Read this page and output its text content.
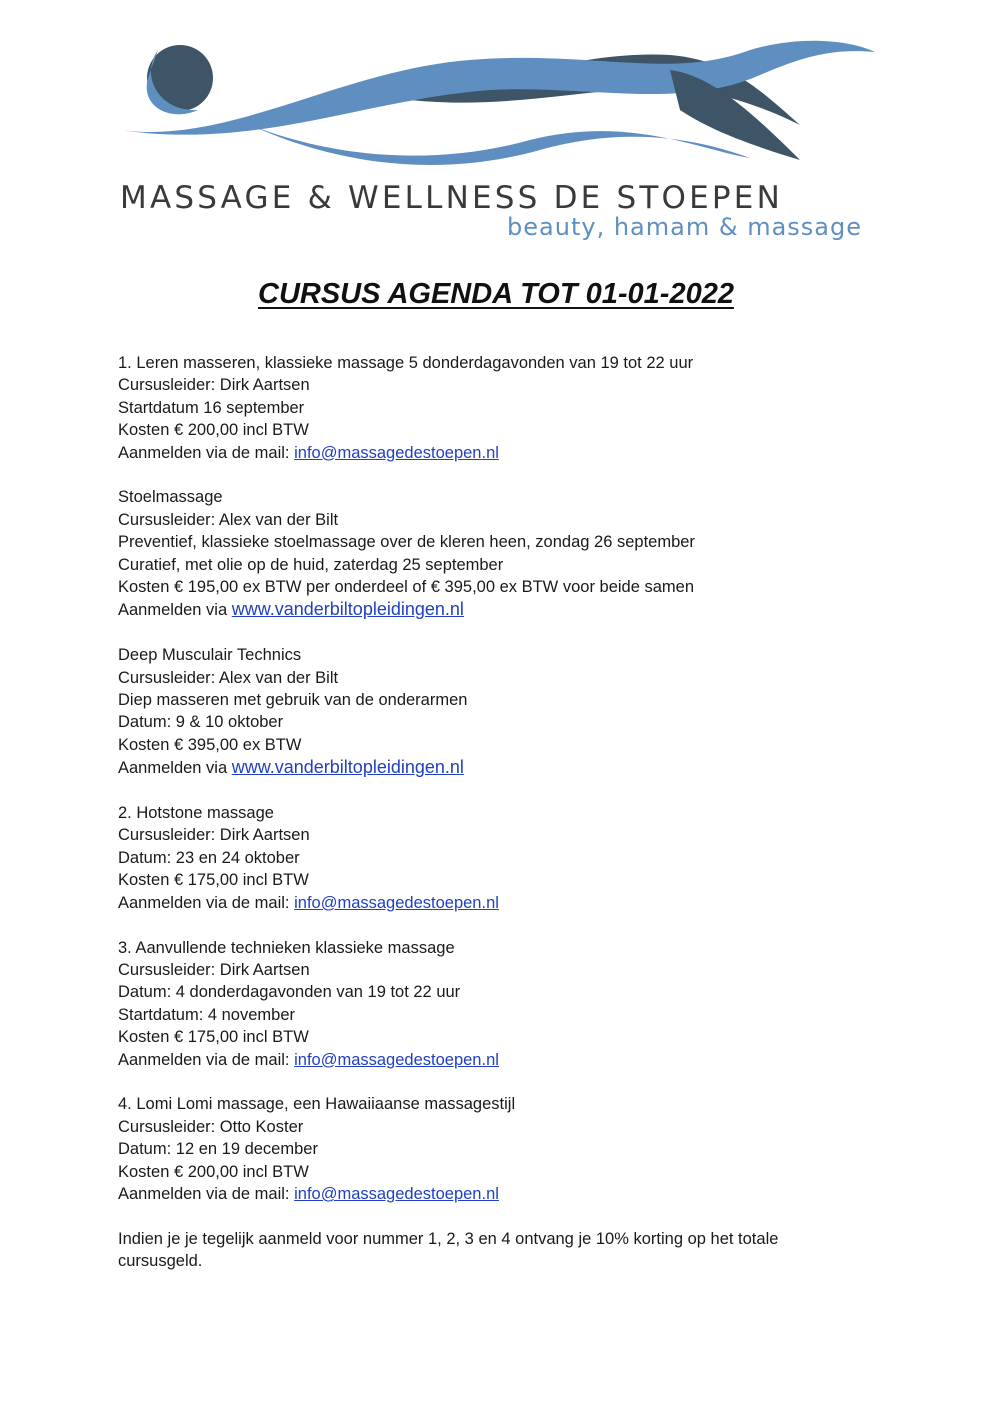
MASSAGE & WELLNESS DE STOEPEN
beauty, hamam & massage
CURSUS AGENDA TOT 01-01-2022
1. Leren masseren, klassieke massage 5 donderdagavonden van 19 tot 22 uur
Cursusleider: Dirk Aartsen
Startdatum 16 september
Kosten € 200,00 incl BTW
Aanmelden via de mail: info@massagedestoepen.nl
Stoelmassage
Cursusleider: Alex van der Bilt
Preventief, klassieke stoelmassage over de kleren heen, zondag 26 september
Curatief, met olie op de huid, zaterdag 25 september
Kosten € 195,00 ex BTW per onderdeel of € 395,00 ex BTW voor beide samen
Aanmelden via www.vanderbiltopleidingen.nl
Deep Musculair Technics
Cursusleider: Alex van der Bilt
Diep masseren met gebruik van de onderarmen
Datum: 9 & 10 oktober
Kosten € 395,00 ex BTW
Aanmelden via www.vanderbiltopleidingen.nl
2. Hotstone massage
Cursusleider: Dirk Aartsen
Datum: 23 en 24 oktober
Kosten € 175,00 incl BTW
Aanmelden via de mail: info@massagedestoepen.nl
3. Aanvullende technieken klassieke massage
Cursusleider: Dirk Aartsen
Datum: 4 donderdagavonden van 19 tot 22 uur
Startdatum: 4 november
Kosten € 175,00 incl BTW
Aanmelden via de mail: info@massagedestoepen.nl
4. Lomi Lomi massage, een Hawaiiaanse massagestijl
Cursusleider: Otto Koster
Datum: 12 en 19 december
Kosten € 200,00 incl BTW
Aanmelden via de mail: info@massagedestoepen.nl
Indien je je tegelijk aanmeld voor nummer 1, 2, 3 en 4 ontvang je 10% korting op het totale cursusgeld.
